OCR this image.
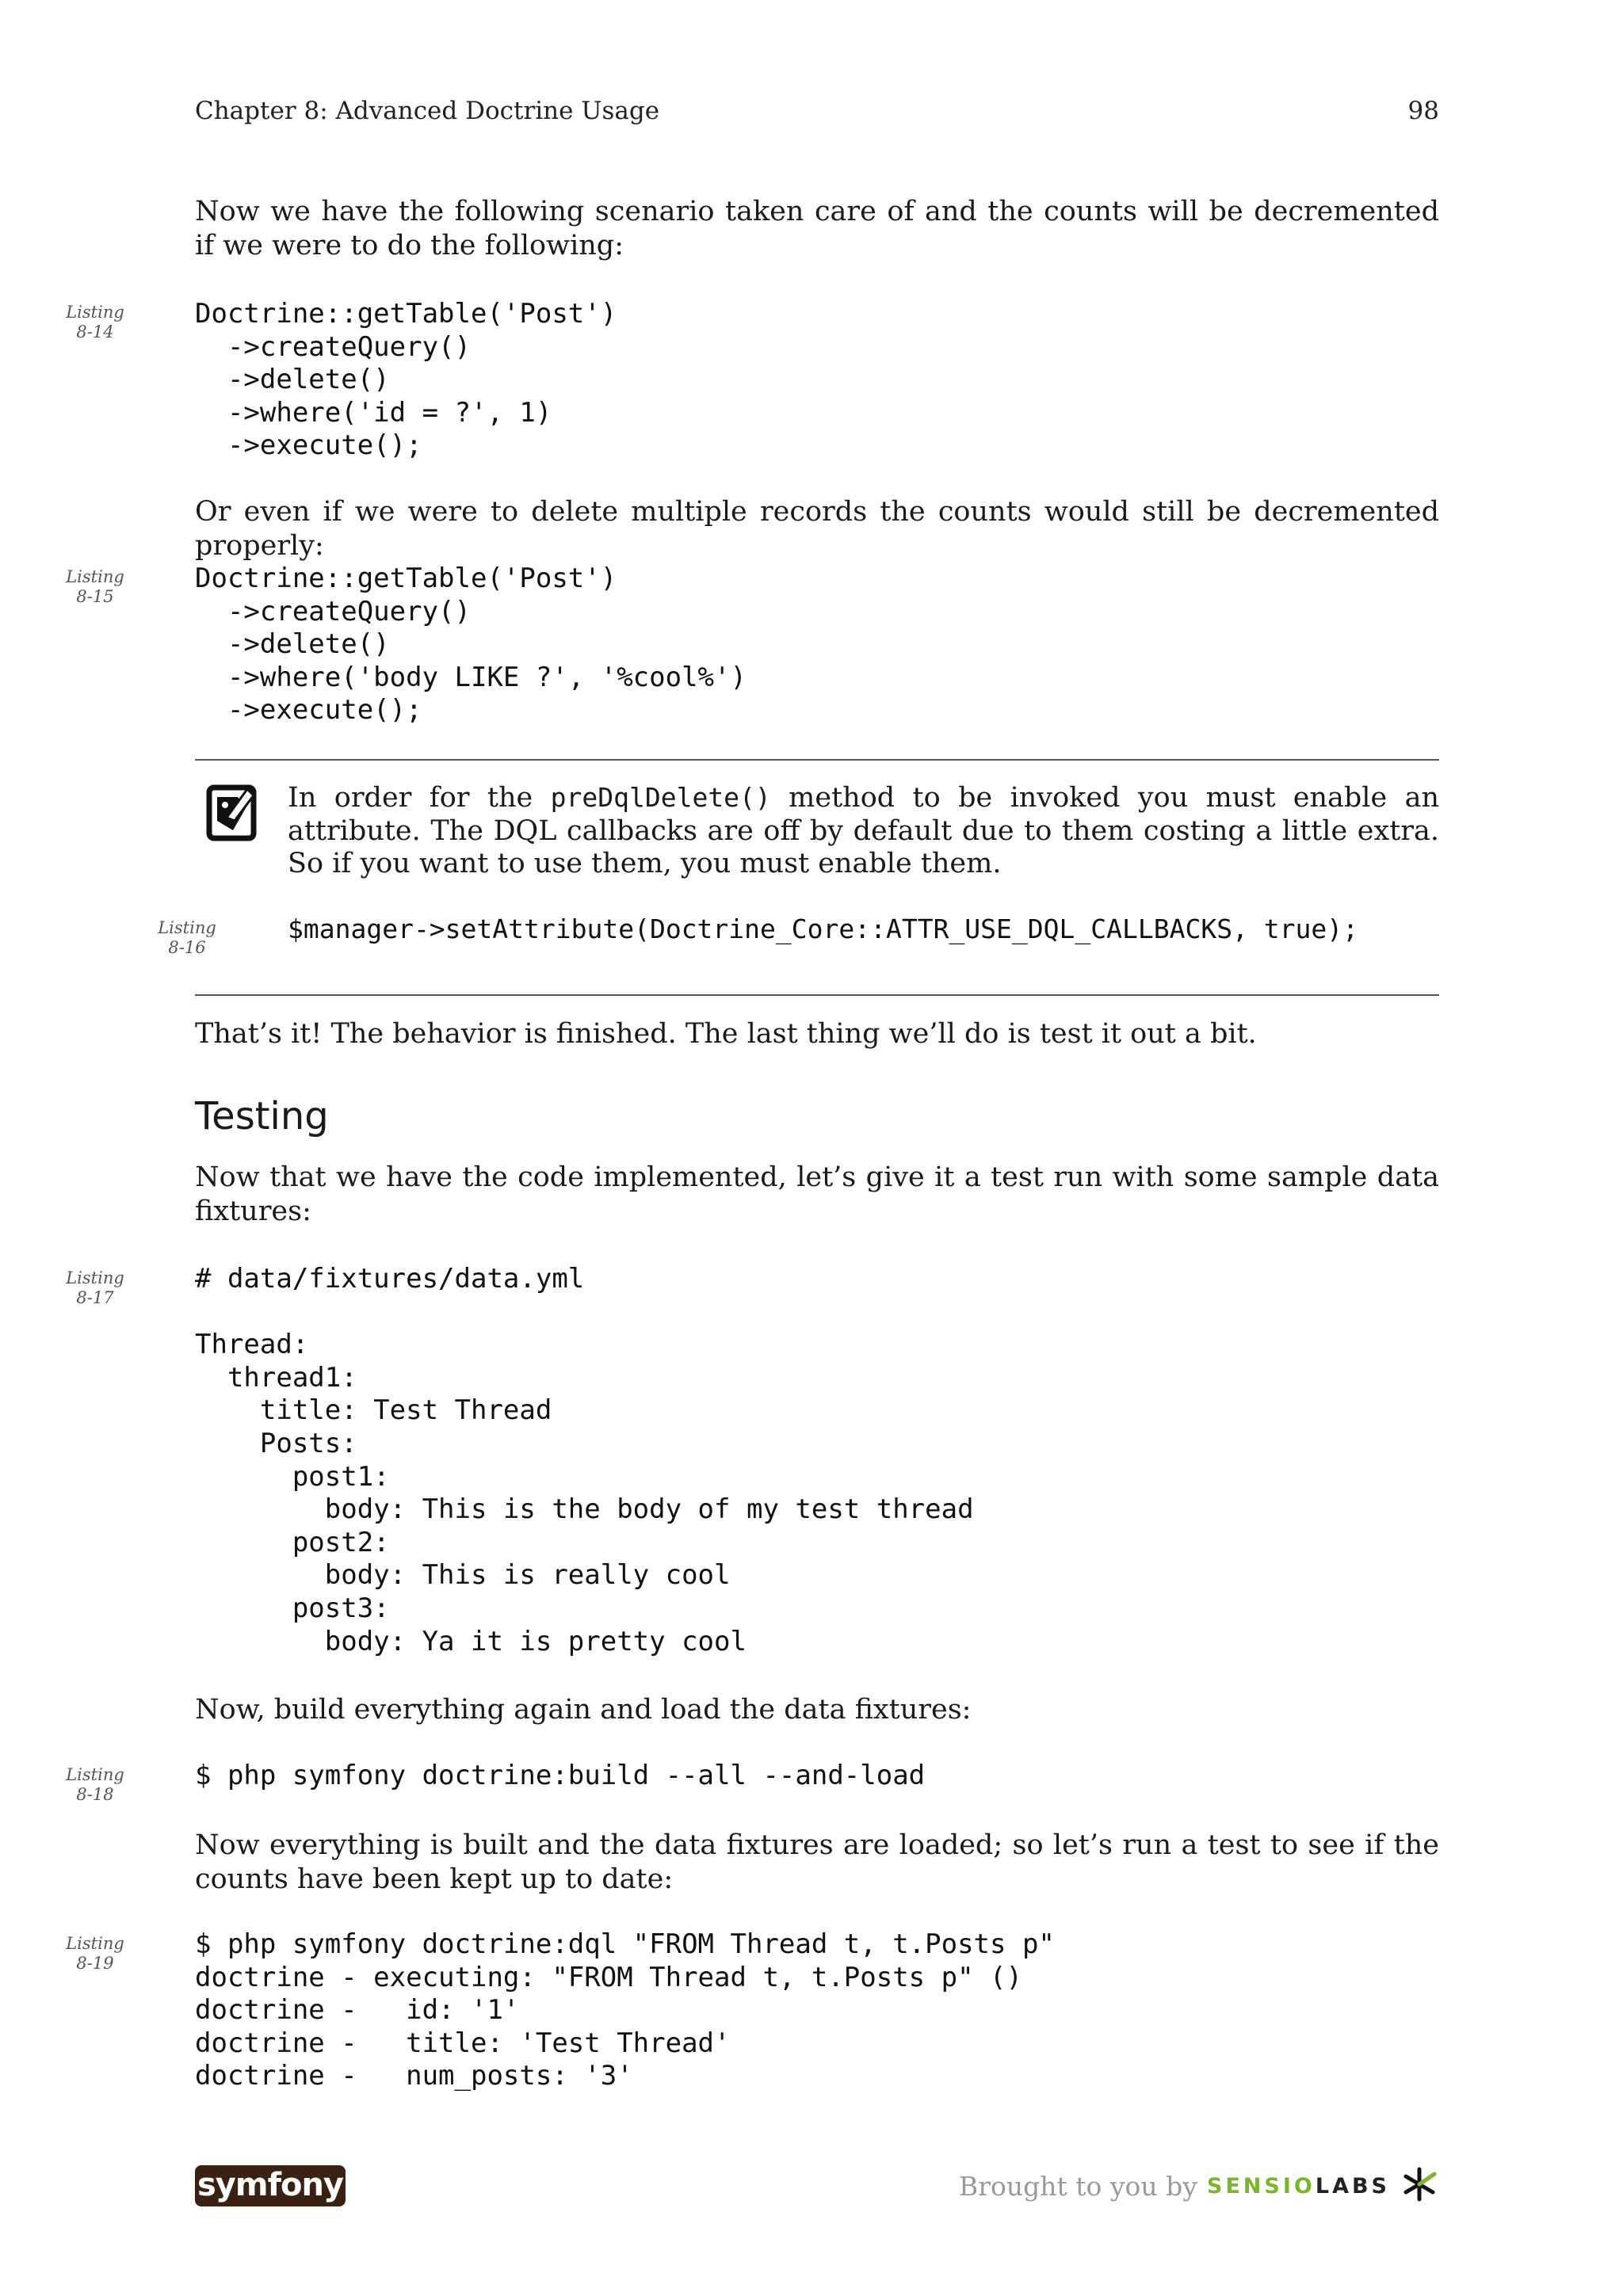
Chapter 8: Advanced Doctrine Usage	98
Now we have the following scenario taken care of and the counts will be decremented if we were to do the following:
Listing
8-14
Doctrine::getTable('Post')
->createQuery()
->delete()
->where('id = ?', 1)
->execute();
Or even if we were to delete multiple records the counts would still be decremented properly:
Listing
8-15
Doctrine::getTable('Post')
->createQuery()
->delete()
->where('body LIKE ?', '%cool%')
->execute();
In order for the preDqlDelete() method to be invoked you must enable an attribute. The DQL callbacks are off by default due to them costing a little extra. So if you want to use them, you must enable them.
Listing
8-16
$manager->setAttribute(Doctrine_Core::ATTR_USE_DQL_CALLBACKS, true);
That’s it! The behavior is finished. The last thing we’ll do is test it out a bit.
Testing
Now that we have the code implemented, let’s give it a test run with some sample data fixtures:
Listing
8-17
# data/fixtures/data.yml

Thread:
thread1:
title: Test Thread
Posts:
post1:
body: This is the body of my test thread
post2:
body: This is really cool
post3:
body: Ya it is pretty cool
Now, build everything again and load the data fixtures:
Listing
8-18
$ php symfony doctrine:build --all --and-load
Now everything is built and the data fixtures are loaded; so let’s run a test to see if the counts have been kept up to date:
Listing
8-19
$ php symfony doctrine:dql "FROM Thread t, t.Posts p"
doctrine - executing: "FROM Thread t, t.Posts p" ()
doctrine -   id: '1'
doctrine -   title: 'Test Thread'
doctrine -   num_posts: '3'
symfony	Brought to you by SENSIOLABS
